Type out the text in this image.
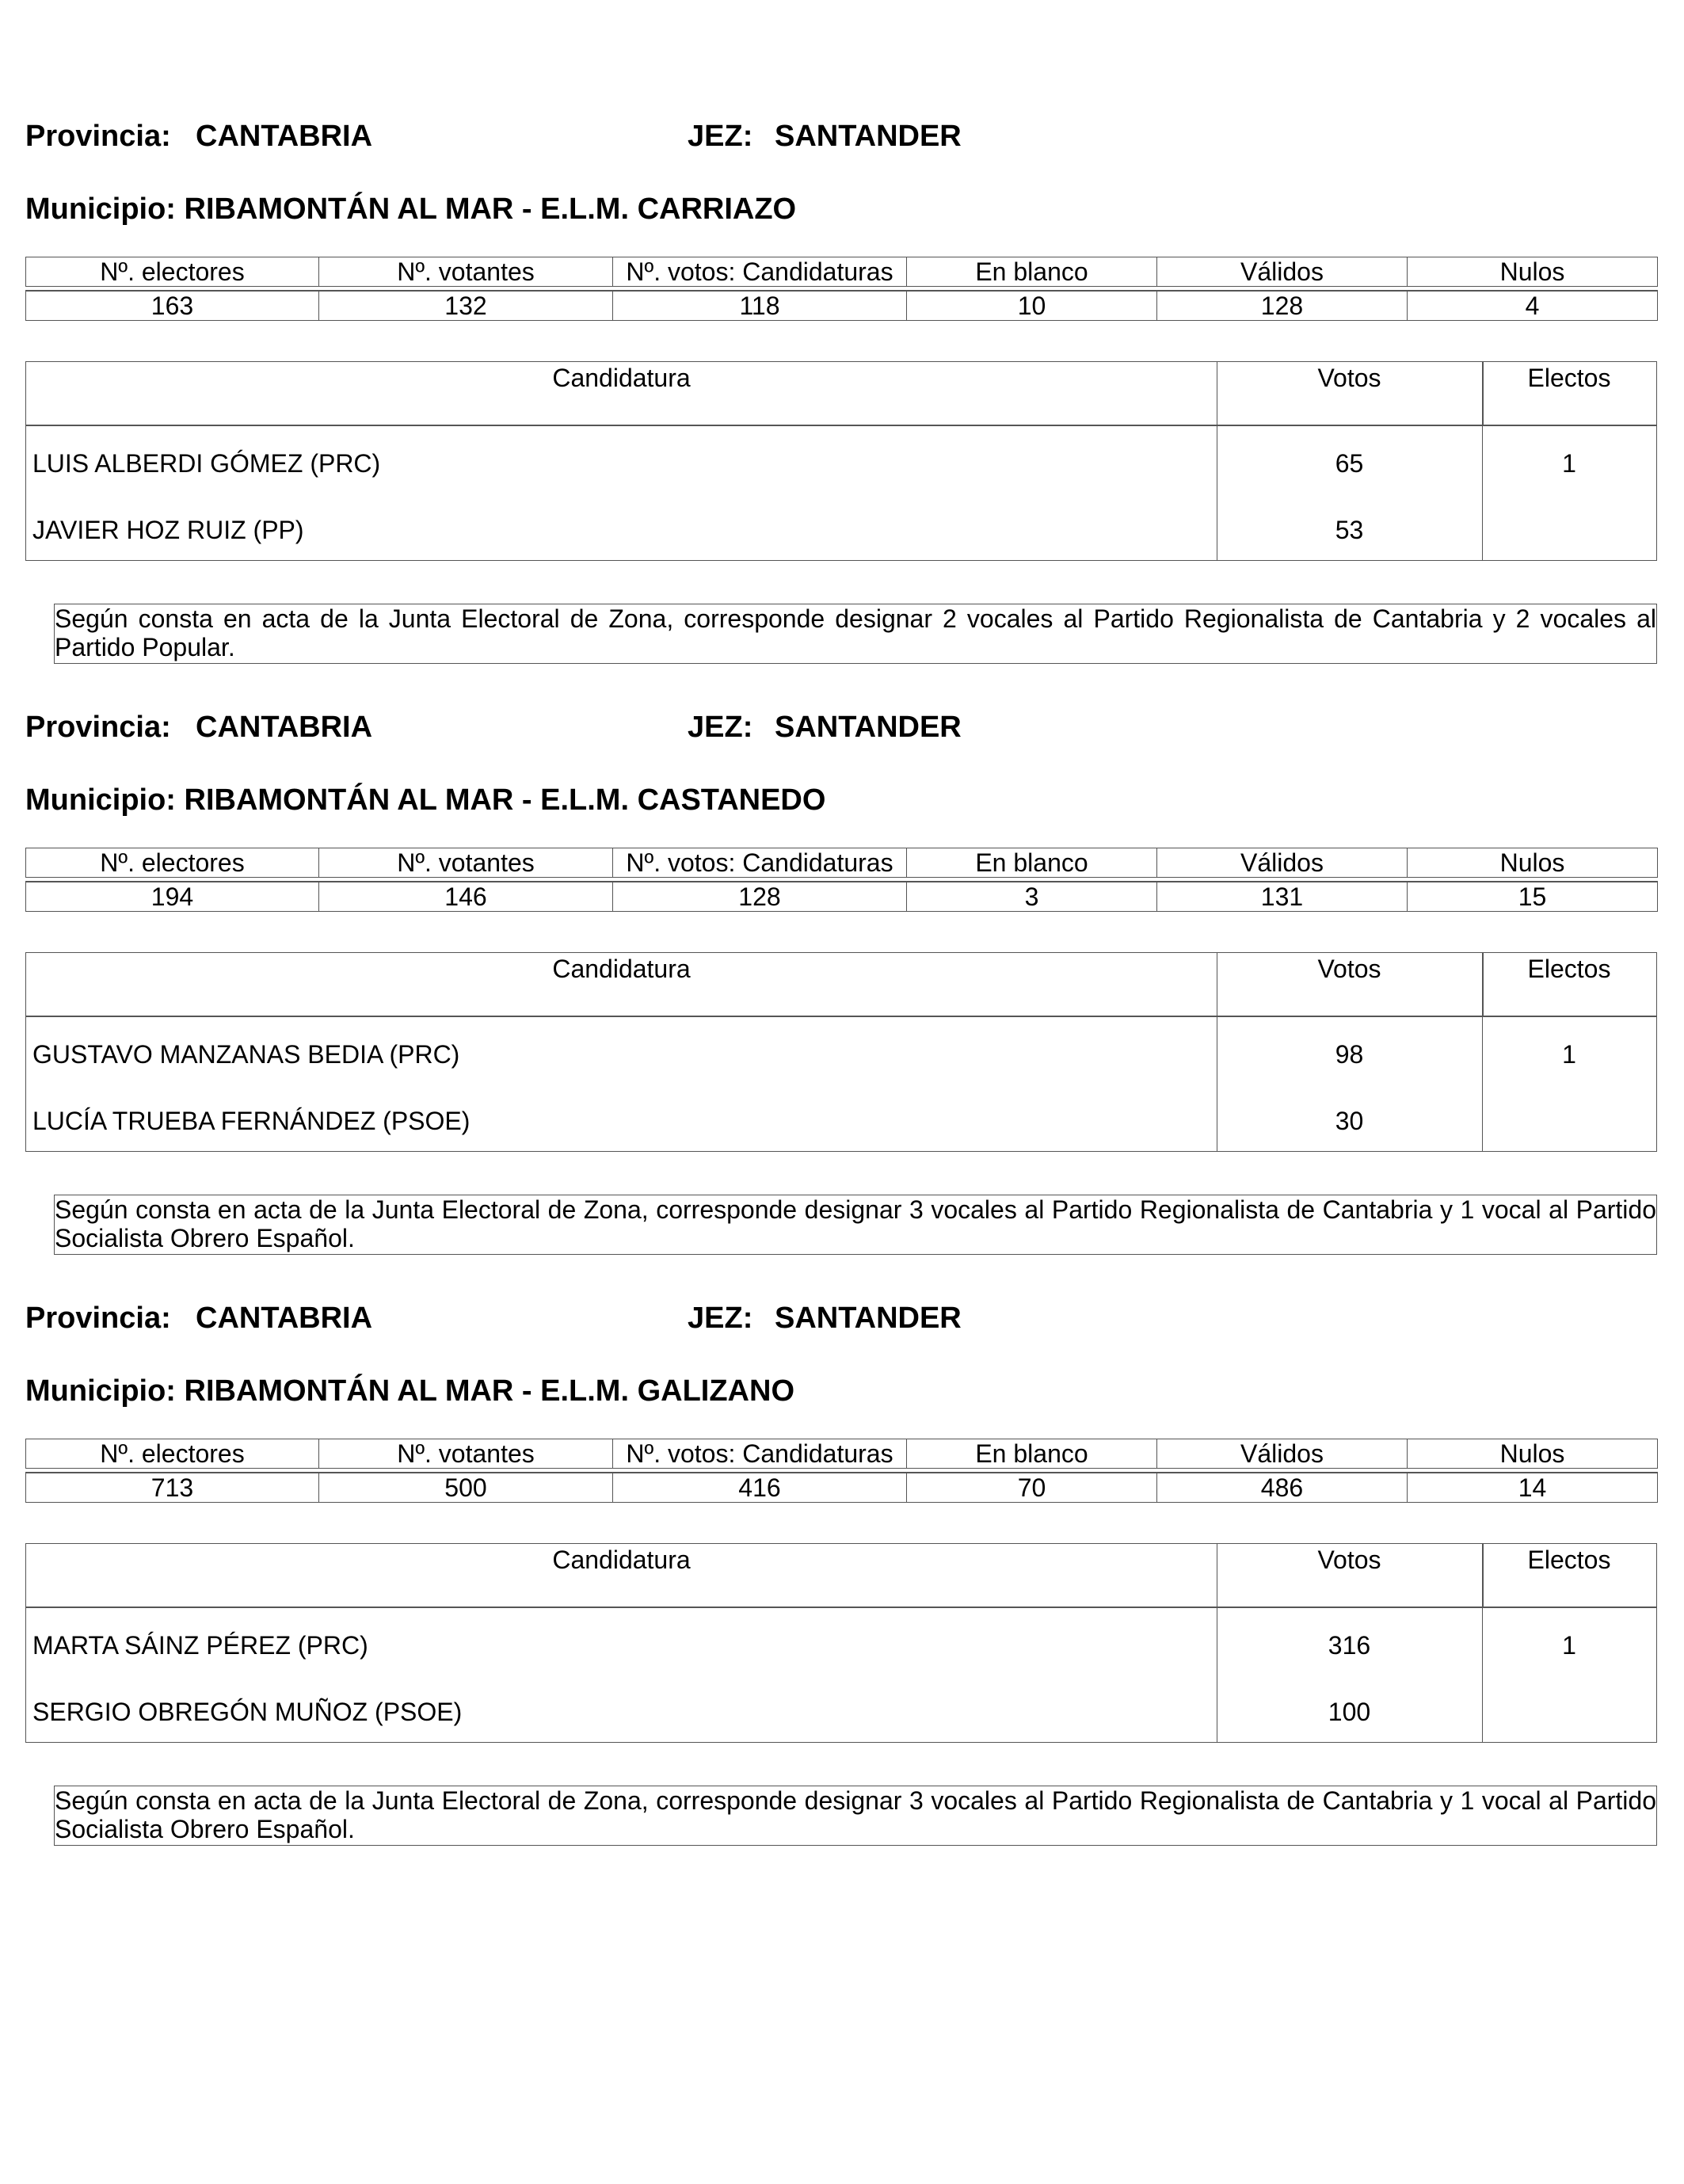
Provincia: CANTABRIA	JEZ: SANTANDER
Municipio: RIBAMONTÁN AL MAR - E.L.M. CARRIAZO
Nº. electores	Nº. votantes	Nº. votos: Candidaturas	En blanco	Válidos	Nulos

163	132	118	10	128	4
Candidatura	Votos	Electos
LUIS ALBERDI GÓMEZ (PRC)	65	1
JAVIER HOZ RUIZ (PP)	53
Según consta en acta de la Junta Electoral de Zona, corresponde designar 2 vocales al Partido Regionalista de Cantabria y 2 vocales al Partido Popular.
Provincia: CANTABRIA	JEZ: SANTANDER
Municipio: RIBAMONTÁN AL MAR - E.L.M. CASTANEDO
Nº. electores	Nº. votantes	Nº. votos: Candidaturas	En blanco	Válidos	Nulos

194	146	128	3	131	15
Candidatura	Votos	Electos
GUSTAVO MANZANAS BEDIA (PRC)	98	1
LUCÍA TRUEBA FERNÁNDEZ (PSOE)	30
Según consta en acta de la Junta Electoral de Zona, corresponde designar 3 vocales al Partido Regionalista de Cantabria y 1 vocal al Partido Socialista Obrero Español.
Provincia: CANTABRIA	JEZ: SANTANDER
Municipio: RIBAMONTÁN AL MAR - E.L.M. GALIZANO
Nº. electores	Nº. votantes	Nº. votos: Candidaturas	En blanco	Válidos	Nulos

713	500	416	70	486	14
Candidatura	Votos	Electos
MARTA SÁINZ PÉREZ (PRC)	316	1
SERGIO OBREGÓN MUÑOZ (PSOE)	100
Según consta en acta de la Junta Electoral de Zona, corresponde designar 3 vocales al Partido Regionalista de Cantabria y 1 vocal al Partido Socialista Obrero Español.
